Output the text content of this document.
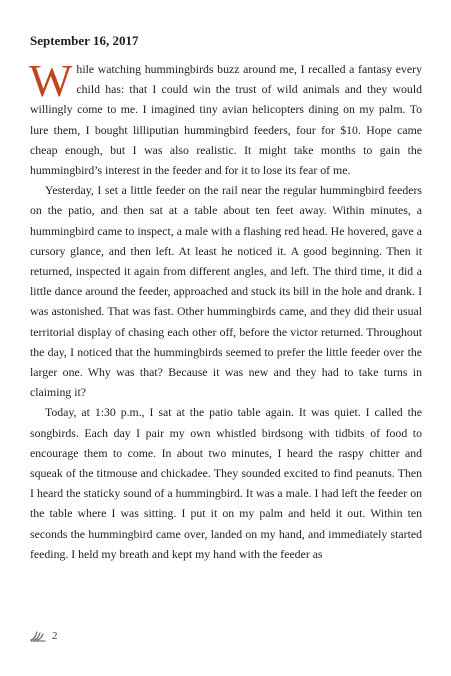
September 16, 2017

While watching hummingbirds buzz around me, I recalled a fantasy every child has: that I could win the trust of wild animals and they would willingly come to me. I imagined tiny avian helicopters dining on my palm. To lure them, I bought lilliputian hummingbird feeders, four for $10. Hope came cheap enough, but I was also realistic. It might take months to gain the hummingbird’s interest in the feeder and for it to lose its fear of me.

Yesterday, I set a little feeder on the rail near the regular hummingbird feeders on the patio, and then sat at a table about ten feet away. Within minutes, a hummingbird came to inspect, a male with a flashing red head. He hovered, gave a cursory glance, and then left. At least he noticed it. A good beginning. Then it returned, inspected it again from different angles, and left. The third time, it did a little dance around the feeder, approached and stuck its bill in the hole and drank. I was astonished. That was fast. Other hummingbirds came, and they did their usual territorial display of chasing each other off, before the victor returned. Throughout the day, I noticed that the hummingbirds seemed to prefer the little feeder over the larger one. Why was that? Because it was new and they had to take turns in claiming it?

Today, at 1:30 p.m., I sat at the patio table again. It was quiet. I called the songbirds. Each day I pair my own whistled birdsong with tidbits of food to encourage them to come. In about two minutes, I heard the raspy chitter and squeak of the titmouse and chickadee. They sounded excited to find peanuts. Then I heard the staticky sound of a hummingbird. It was a male. I had left the feeder on the table where I was sitting. I put it on my palm and held it out. Within ten seconds the hummingbird came over, landed on my hand, and immediately started feeding. I held my breath and kept my hand with the feeder as

2
